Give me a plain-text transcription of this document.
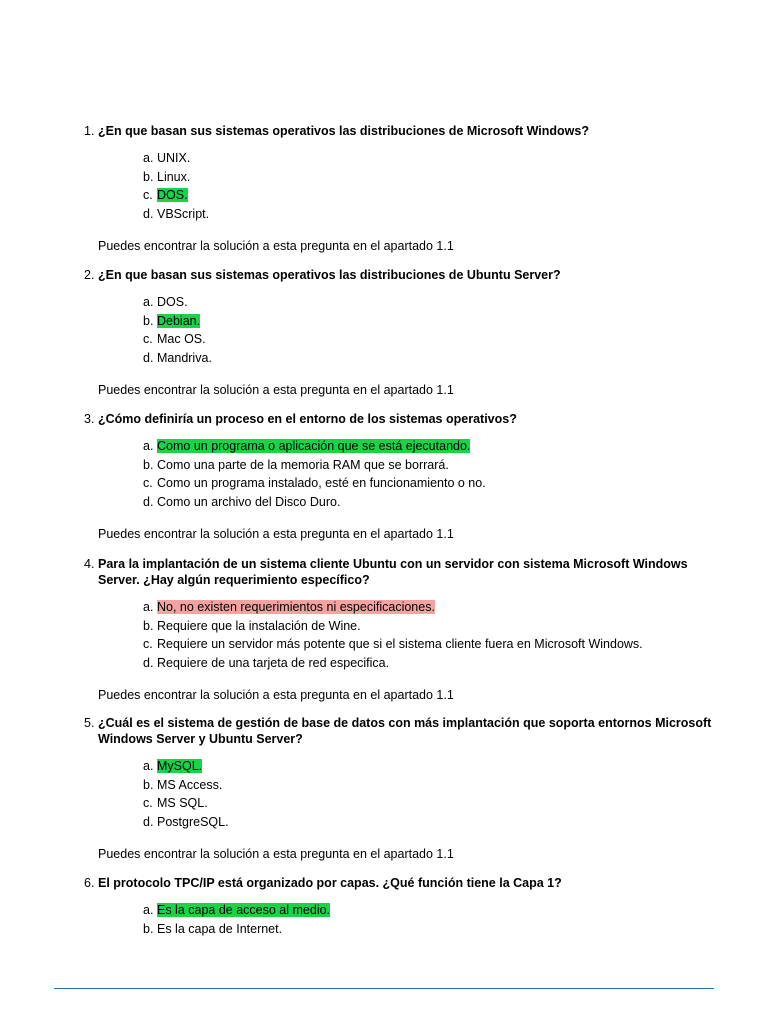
1. ¿En que basan sus sistemas operativos las distribuciones de Microsoft Windows?
a. UNIX.
b. Linux.
c. DOS.
d. VBScript.
Puedes encontrar la solución a esta pregunta en el apartado 1.1
2. ¿En que basan sus sistemas operativos las distribuciones de Ubuntu Server?
a. DOS.
b. Debian.
c. Mac OS.
d. Mandriva.
Puedes encontrar la solución a esta pregunta en el apartado 1.1
3. ¿Cómo definiría un proceso en el entorno de los sistemas operativos?
a. Como un programa o aplicación que se está ejecutando.
b. Como una parte de la memoria RAM que se borrará.
c. Como un programa instalado, esté en funcionamiento o no.
d. Como un archivo del Disco Duro.
Puedes encontrar la solución a esta pregunta en el apartado 1.1
4. Para la implantación de un sistema cliente Ubuntu con un servidor con sistema Microsoft Windows Server. ¿Hay algún requerimiento específico?
a. No, no existen requerimientos ni especificaciones.
b. Requiere que la instalación de Wine.
c. Requiere un servidor más potente que si el sistema cliente fuera en Microsoft Windows.
d. Requiere de una tarjeta de red especifica.
Puedes encontrar la solución a esta pregunta en el apartado 1.1
5. ¿Cuál es el sistema de gestión de base de datos con más implantación que soporta entornos Microsoft Windows Server y Ubuntu Server?
a. MySQL.
b. MS Access.
c. MS SQL.
d. PostgreSQL.
Puedes encontrar la solución a esta pregunta en el apartado 1.1
6. El protocolo TPC/IP está organizado por capas. ¿Qué función tiene la Capa 1?
a. Es la capa de acceso al medio.
b. Es la capa de Internet.
